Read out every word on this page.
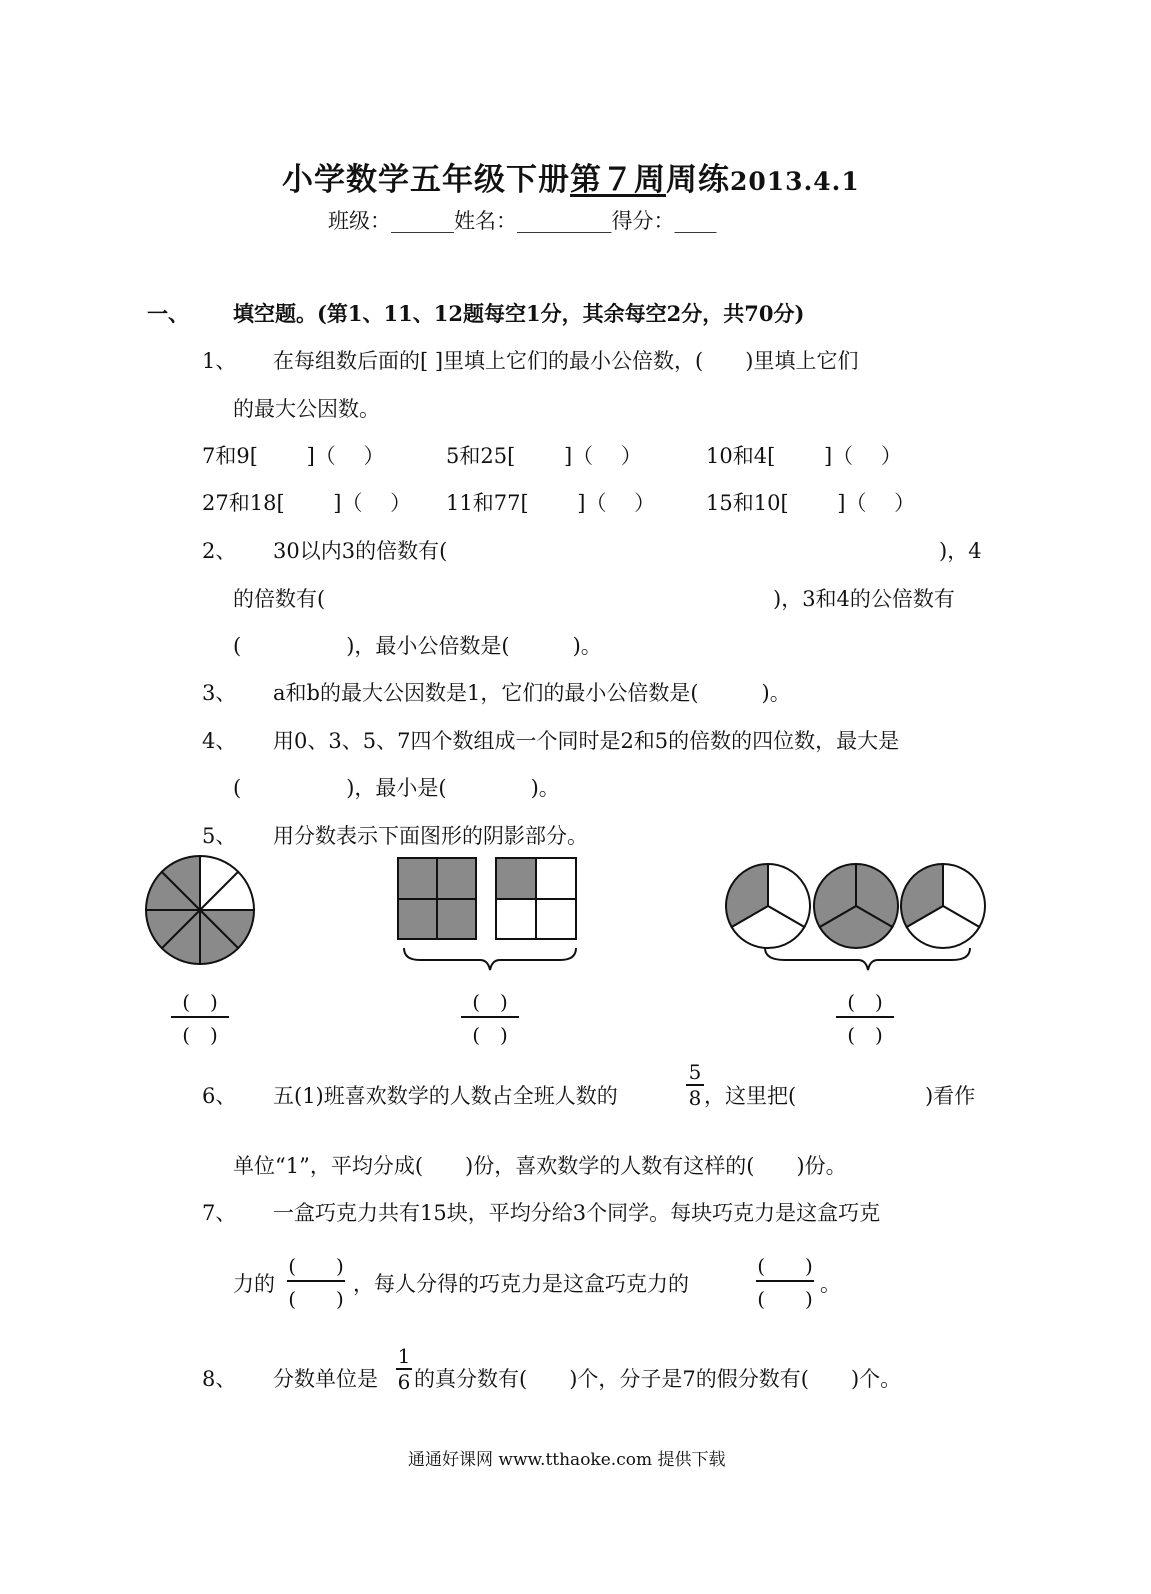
小学数学五年级下册第７周周练2013.4.1
班级：______姓名：_________得分：____
一、 填空题。(第1、11、12题每空1分，其余每空2分，共70分)
1、 在每组数后面的[ ]里填上它们的最小公倍数，(　　)里填上它们
的最大公因数。
7和9[　　 ]（　 ）	5和25[　　 ]（　 ）	10和4[　　 ]（　 ）
27和18[　　 ]（　 ） 11和77[　　 ]（　 ） 15和10[　　 ]（　 ）
2、 30以内3的倍数有(	)，4
的倍数有(	)，3和4的公倍数有
(　　　　　)，最小公倍数是(　　　)。
3、 a和b的最大公因数是1，它们的最小公倍数是(　　　)。
4、 用0、3、5、7四个数组成一个同时是2和5的倍数的四位数，最大是
(　　　　　)，最小是(　　　　)。
5、 用分数表示下面图形的阴影部分。
(　)
(　)
(　)
(　)
(　)
(　)
6、 五(1)班喜欢数学的人数占全班人数的
5
8 ，这里把(	)看作
单位“1”，平均分成(　　)份，喜欢数学的人数有这样的(　　)份。
7、 一盒巧克力共有15块，平均分给3个同学。每块巧克力是这盒巧克
力的
(　　)
(　　)
，每人分得的巧克力是这盒巧克力的
(　　)
(　　)
。
8、 分数单位是
1
6 的真分数有(　　)个，分子是7的假分数有(　　)个。
通通好课网 www.tthaoke.com 提供下载
